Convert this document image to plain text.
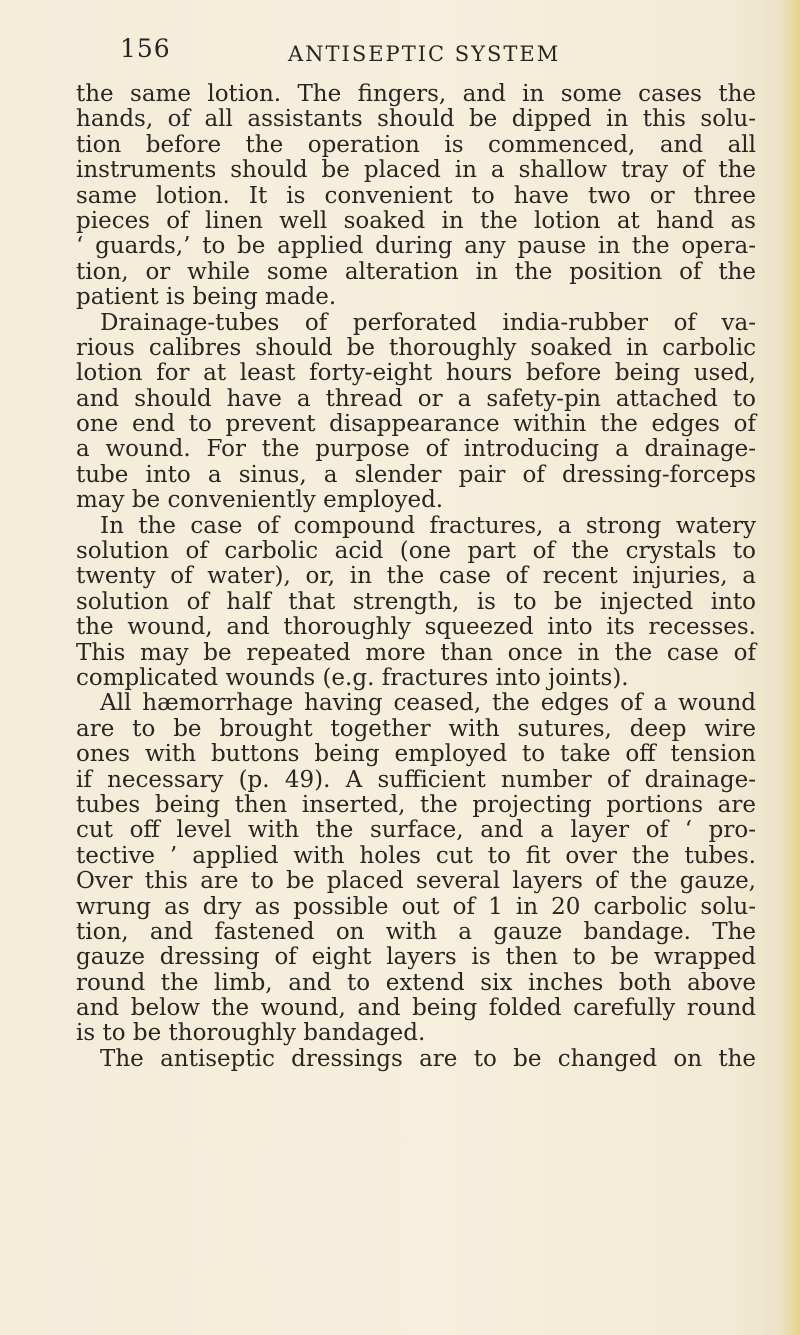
156	ANTISEPTIC SYSTEM
the same lotion. The fingers, and in some cases the
hands, of all assistants should be dipped in this solu-
tion before the operation is commenced, and all
instruments should be placed in a shallow tray of the
same lotion. It is convenient to have two or three
pieces of linen well soaked in the lotion at hand as
‘ guards,’ to be applied during any pause in the opera-
tion, or while some alteration in the position of the
patient is being made.
Drainage-tubes of perforated india-rubber of va-
rious calibres should be thoroughly soaked in carbolic
lotion for at least forty-eight hours before being used,
and should have a thread or a safety-pin attached to
one end to prevent disappearance within the edges of
a wound. For the purpose of introducing a drainage-
tube into a sinus, a slender pair of dressing-forceps
may be conveniently employed.
In the case of compound fractures, a strong watery
solution of carbolic acid (one part of the crystals to
twenty of water), or, in the case of recent injuries, a
solution of half that strength, is to be injected into
the wound, and thoroughly squeezed into its recesses.
This may be repeated more than once in the case of
complicated wounds (e.g. fractures into joints).
All hæmorrhage having ceased, the edges of a wound
are to be brought together with sutures, deep wire
ones with buttons being employed to take off tension
if necessary (p. 49). A sufficient number of drainage-
tubes being then inserted, the projecting portions are
cut off level with the surface, and a layer of ‘ pro-
tective ’ applied with holes cut to fit over the tubes.
Over this are to be placed several layers of the gauze,
wrung as dry as possible out of 1 in 20 carbolic solu-
tion, and fastened on with a gauze bandage. The
gauze dressing of eight layers is then to be wrapped
round the limb, and to extend six inches both above
and below the wound, and being folded carefully round
is to be thoroughly bandaged.
The antiseptic dressings are to be changed on the
